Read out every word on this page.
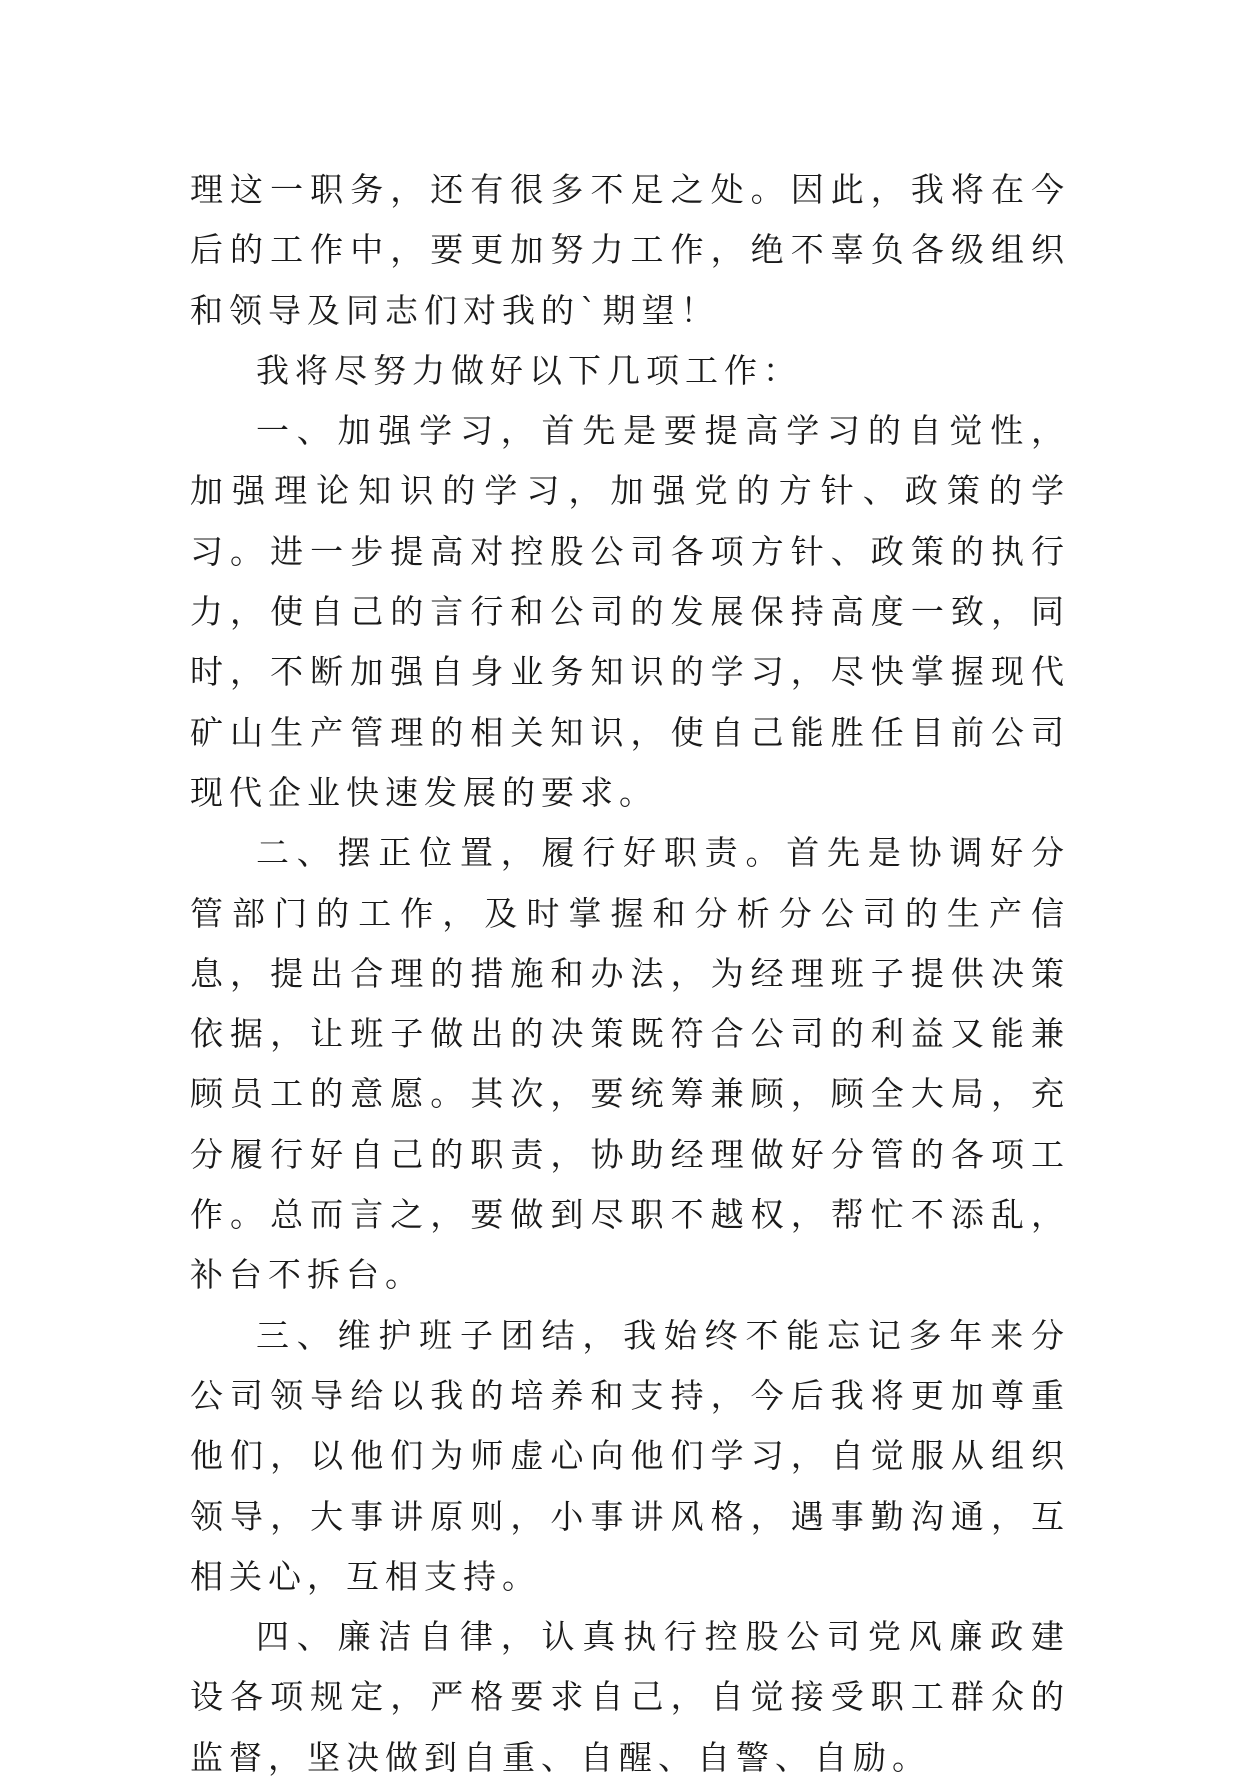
理这一职务，还有很多不足之处。因此，我将在今后的工作中，要更加努力工作，绝不辜负各级组织和领导及同志们对我的`期望！

我将尽努力做好以下几项工作：

一、加强学习，首先是要提高学习的自觉性，加强理论知识的学习，加强党的方针、政策的学习。进一步提高对控股公司各项方针、政策的执行力，使自己的言行和公司的发展保持高度一致，同时，不断加强自身业务知识的学习，尽快掌握现代矿山生产管理的相关知识，使自己能胜任目前公司现代企业快速发展的要求。

二、摆正位置，履行好职责。首先是协调好分管部门的工作，及时掌握和分析分公司的生产信息，提出合理的措施和办法，为经理班子提供决策依据，让班子做出的决策既符合公司的利益又能兼顾员工的意愿。其次，要统筹兼顾，顾全大局，充分履行好自己的职责，协助经理做好分管的各项工作。总而言之，要做到尽职不越权，帮忙不添乱，补台不拆台。

三、维护班子团结，我始终不能忘记多年来分公司领导给以我的培养和支持，今后我将更加尊重他们，以他们为师虚心向他们学习，自觉服从组织领导，大事讲原则，小事讲风格，遇事勤沟通，互相关心，互相支持。

四、廉洁自律，认真执行控股公司党风廉政建设各项规定，严格要求自己，自觉接受职工群众的监督，坚决做到自重、自醒、自警、自励。
